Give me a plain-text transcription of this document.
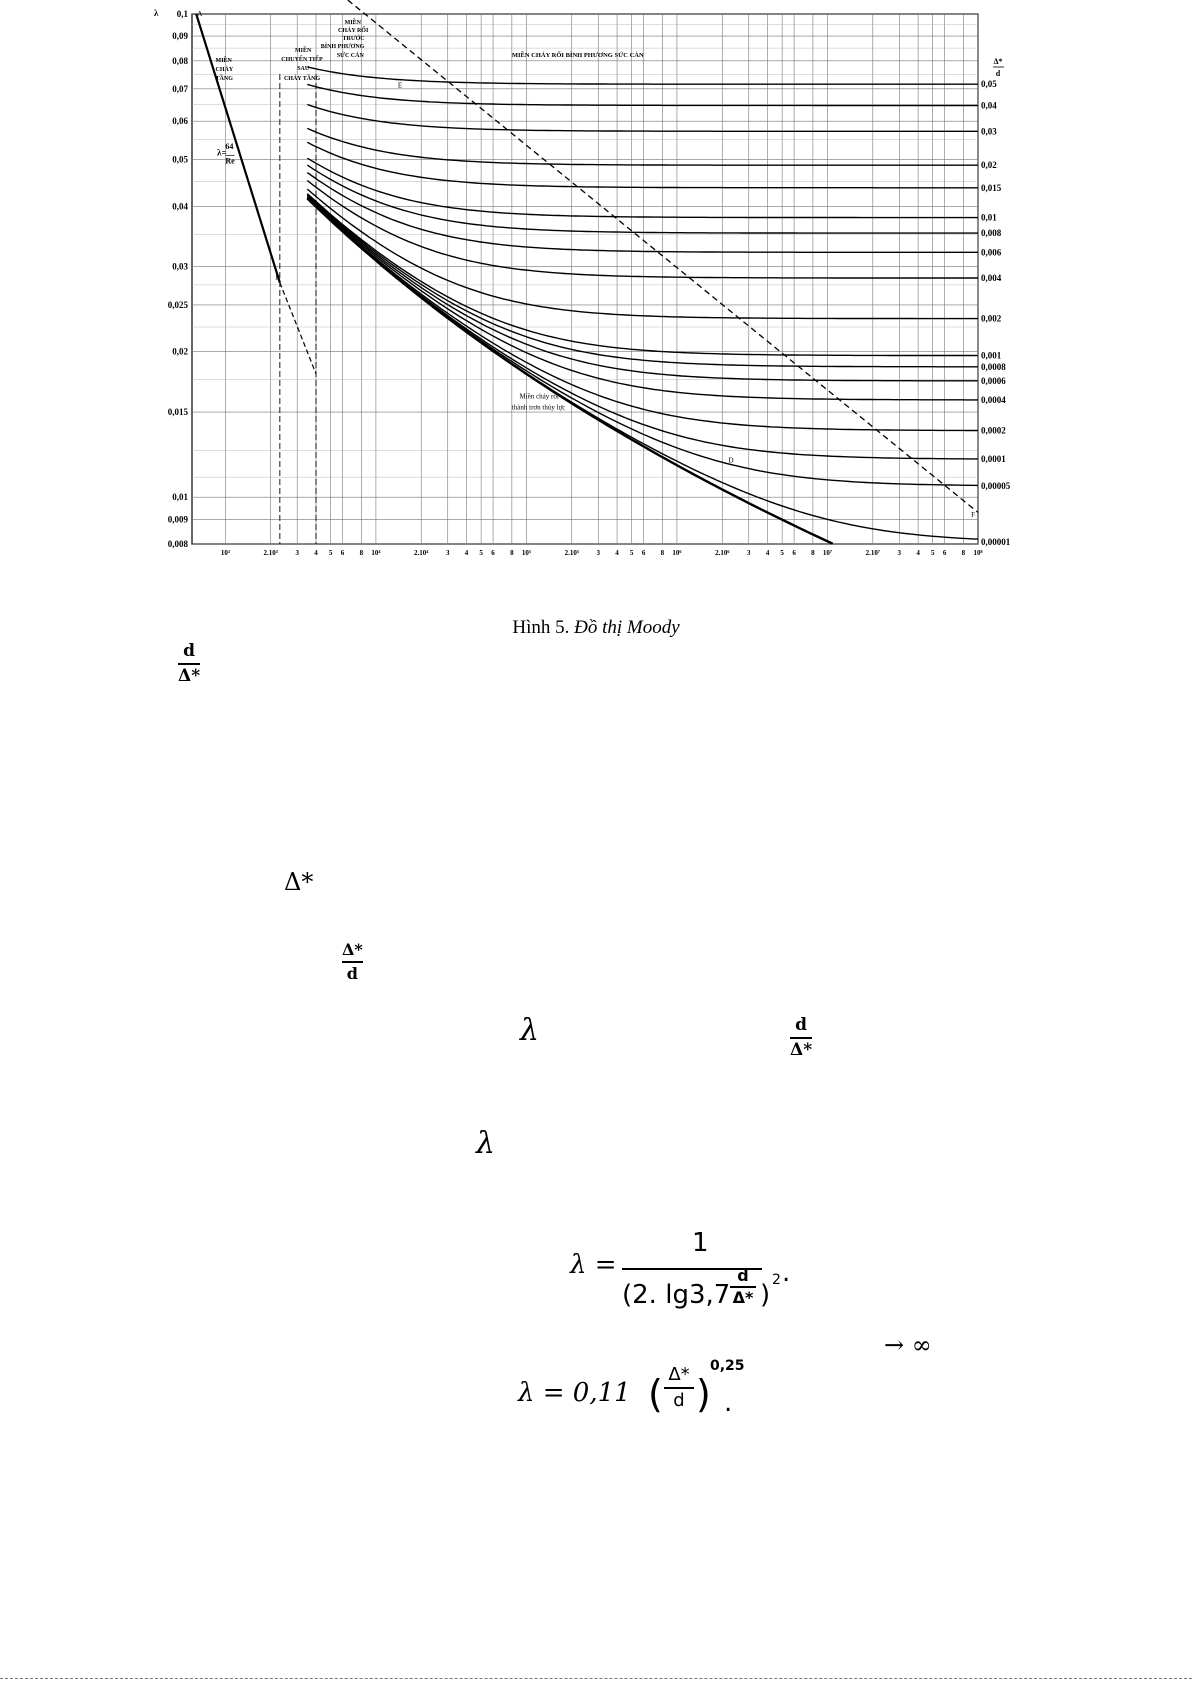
10³	2.10³	3 4 5 6 8 10⁴	2.10⁴	3 4 5 6 8 10⁵	2.10⁵	3 4 5 6 8 10⁶	2.10⁶	3 4 5 6 8 10⁷	2.10⁷	3 4 5 6 8 10⁸
0,1
0,09
0,08
0,07
0,06
0,05
0,04
0,03
0,025
0,02
0,015
0,01
0,009
0,008
λ
Δ*
d
λ=
64
Re
0,05
0,04
0,03
0,02
0,015
0,01
0,008
0,006
0,004
0,002
0,001
0,0008
0,0006
0,0004
0,0002
0,0001
0,00005
0,00001
Miền chảy rối
thành trơn thủy lực
MIỀN
CHẢY
TẦNG
MIỀN
CHUYỂN TIẾP
SAU
CHẢY TẦNG
MIỀN
CHẢY RỐI
TRƯỚC
BÌNH PHƯƠNG
SỨC CẢN	MIỀN CHẢY RỐI BÌNH PHƯƠNG SỨC CẢN
A
B
C
D
E
F
Hình 5. Đồ thị Moody
d
Δ*
Δ*
Δ*
d
λ	d
Δ*
λ
λ =
1
(2. lg3,7
d
Δ* ) 2 .
→ ∞
λ = 0,11 ( Δ*
d )
0,25
.
